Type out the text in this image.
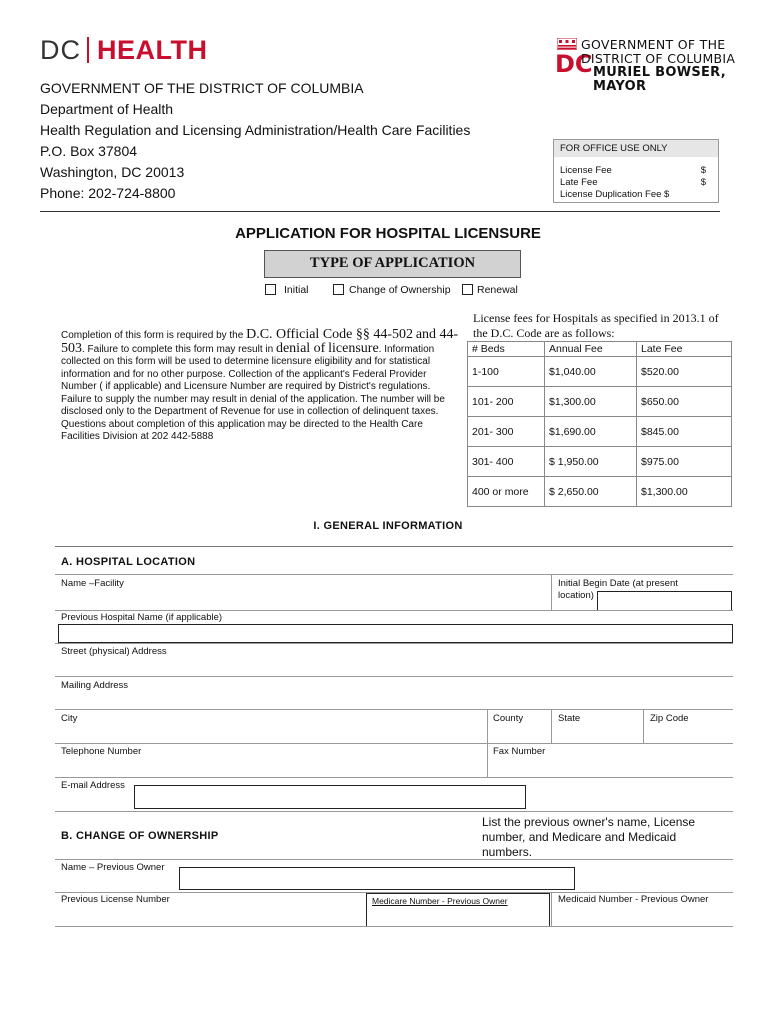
DC HEALTH	DC
GOVERNMENT OF THE
DISTRICT OF COLUMBIA
MURIEL BOWSER, MAYOR
GOVERNMENT OF THE DISTRICT OF COLUMBIA
Department of Health
Health Regulation and Licensing Administration/Health Care Facilities
P.O. Box 37804
Washington, DC 20013
Phone: 202-724-8800
FOR OFFICE USE ONLY
License Fee	$
Late Fee	$
License Duplication Fee $
APPLICATION FOR HOSPITAL LICENSURE
TYPE OF APPLICATION
Initial	Change of Ownership	Renewal
Completion of this form is required by the D.C. Official Code §§ 44-502 and 44-503. Failure to complete this form may result in denial of licensure. Information collected on this form will be used to determine licensure eligibility and for statistical information and for no other purpose. Collection of the applicant's Federal Provider Number ( if applicable) and Licensure Number are required by District's regulations. Failure to supply the number may result in denial of the application. The number will be disclosed only to the Department of Revenue for use in collection of delinquent taxes. Questions about completion of this application may be directed to the Health Care Facilities Division at 202 442-5888
License fees for Hospitals as specified in 2013.1 of the D.C. Code are as follows:
# Beds	Annual Fee	Late Fee
1-100	$1,040.00	$520.00
101- 200	$1,300.00	$650.00
201- 300	$1,690.00	$845.00
301- 400	$ 1,950.00	$975.00
400 or more	$ 2,650.00	$1,300.00
I. GENERAL INFORMATION
A. HOSPITAL LOCATION
Name –Facility	Initial Begin Date (at present location)
Previous Hospital Name (if applicable)
Street (physical) Address
Mailing Address
City	County	State	Zip Code
Telephone Number	Fax Number
E-mail Address
B. CHANGE OF OWNERSHIP
List the previous owner's name, License number, and Medicare and Medicaid numbers.
Name – Previous Owner
Previous License Number	Medicare Number - Previous Owner	Medicaid Number - Previous Owner
